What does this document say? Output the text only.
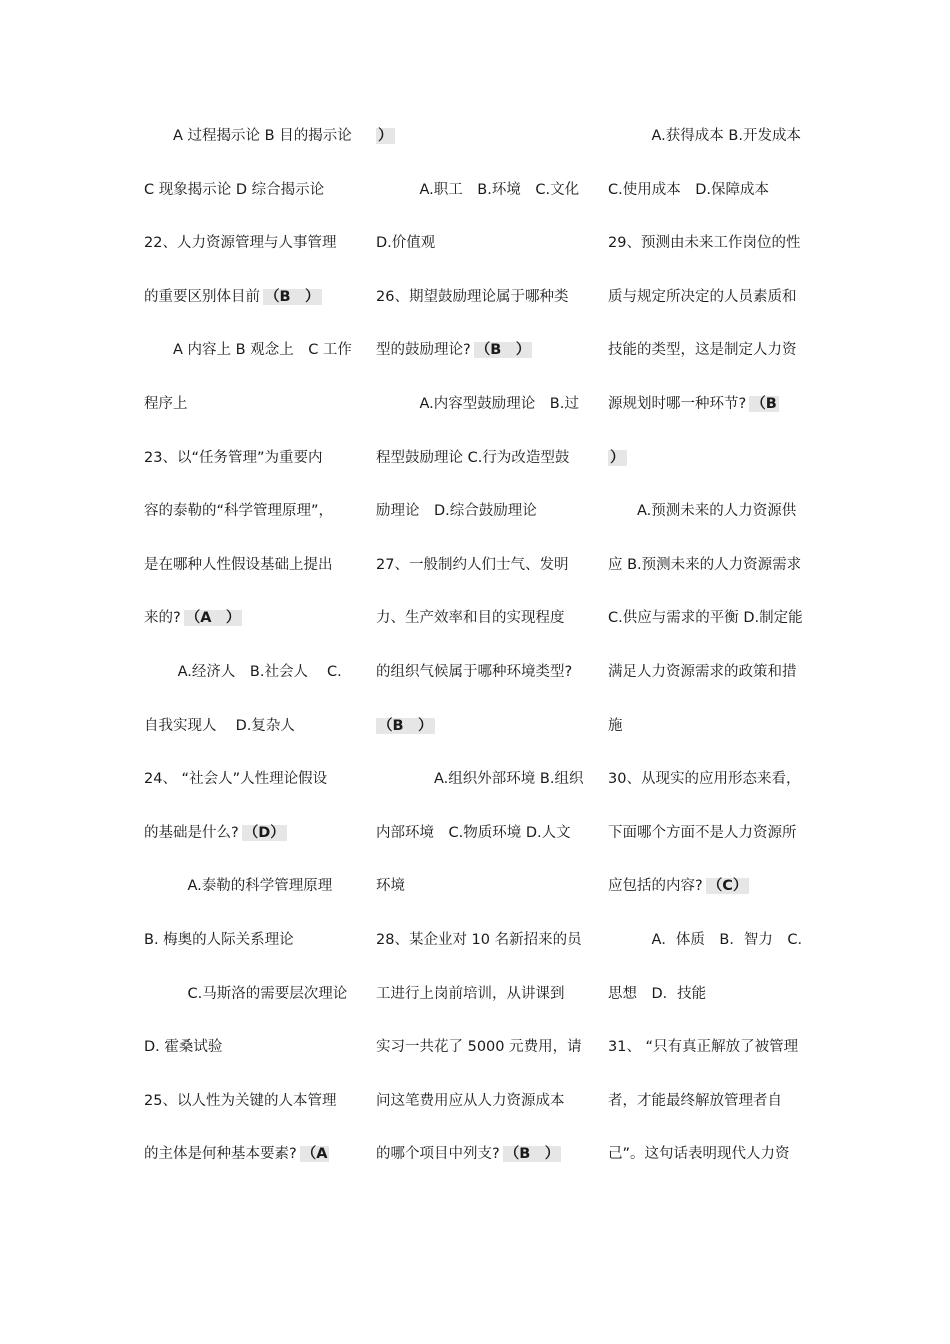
　　A 过程揭示论 B 目的揭示论
C 现象揭示论 D 综合揭示论
22、人力资源管理与人事管理
的重要区别体目前 （B　）
　　A 内容上 B 观念上　C 工作
程序上
23、以“任务管理”为重要内
容的泰勒的“科学管理原理”，
是在哪种人性假设基础上提出
来的? （A　）
　　 A.经济人　B.社会人　 C.
自我实现人　 D.复杂人
24、 “社会人”人性理论假设
的基础是什么? （D）
　　　A.泰勒的科学管理原理
B. 梅奥的人际关系理论
　　　C.马斯洛的需要层次理论
D. 霍桑试验
25、以人性为关键的人本管理
的主体是何种基本要素? （A
）
　　　A.职工　B.环境　C.文化
D.价值观
26、期望鼓励理论属于哪种类
型的鼓励理论? （B　）
　　　A.内容型鼓励理论　B.过
程型鼓励理论 C.行为改造型鼓
励理论　D.综合鼓励理论
27、一般制约人们士气、发明
力、生产效率和目的实现程度
的组织气候属于哪种环境类型?
（B　）
　　　　A.组织外部环境 B.组织
内部环境　C.物质环境 D.人文
环境
28、某企业对 10 名新招来的员
工进行上岗前培训，从讲课到
实习一共花了 5000 元费用，请
问这笔费用应从人力资源成本
的哪个项目中列支? （B　）
　　　A.获得成本 B.开发成本
C.使用成本　D.保障成本
29、预测由未来工作岗位的性
质与规定所决定的人员素质和
技能的类型，这是制定人力资
源规划时哪一种环节? （B
）
　　A.预测未来的人力资源供
应 B.预测未来的人力资源需求
C.供应与需求的平衡 D.制定能
满足人力资源需求的政策和措
施
30、从现实的应用形态来看，
下面哪个方面不是人力资源所
应包括的内容? （C）
　　　A．体质　B．智力　C．
思想　D．技能
31、 “只有真正解放了被管理
者，才能最终解放管理者自
己”。这句话表明现代人力资
